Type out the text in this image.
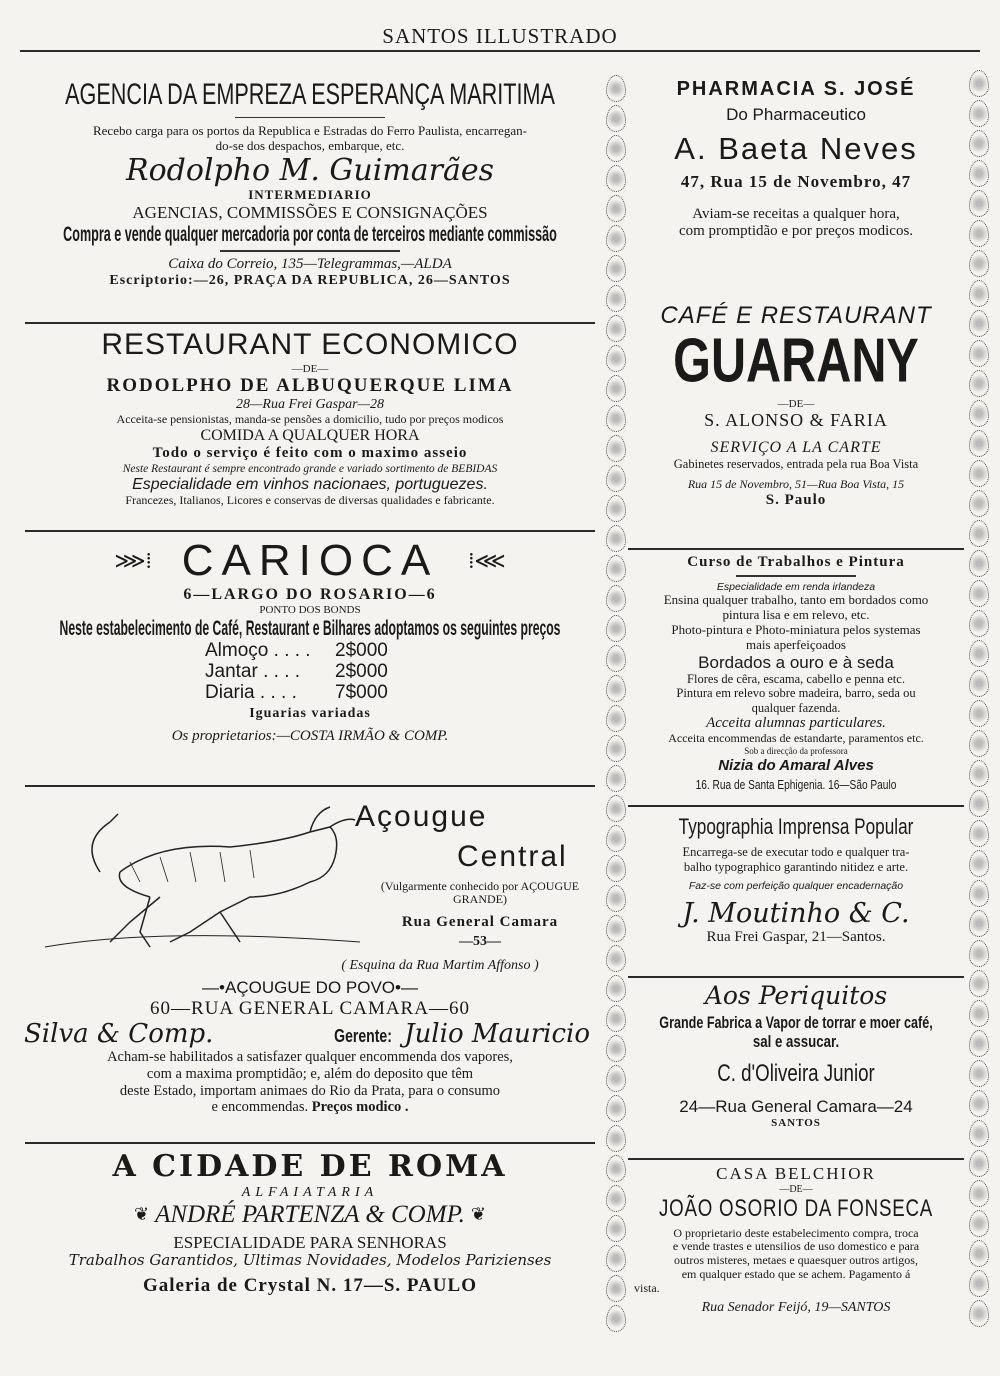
SANTOS ILLUSTRADO
AGENCIA DA EMPREZA ESPERANÇA MARITIMA
Recebo carga para os portos da Republica e Estradas do Ferro Paulista, encarregan-
do-se dos despachos, embarque, etc.
Rodolpho M. Guimarães
INTERMEDIARIO
AGENCIAS, COMMISSÕES E CONSIGNAÇÕES
Compra e vende qualquer mercadoria por conta de terceiros mediante commissão
Caixa do Correio, 135—Telegrammas,—ALDA
Escriptorio:—26, PRAÇA DA REPUBLICA, 26—SANTOS
RESTAURANT ECONOMICO
—DE—
RODOLPHO DE ALBUQUERQUE LIMA
28—Rua Frei Gaspar—28
Acceita-se pensionistas, manda-se pensões a domicilio, tudo por preços modicos
COMIDA A QUALQUER HORA
Todo o serviço é feito com o maximo asseio
Neste Restaurant é sempre encontrado grande e variado sortimento de BEBIDAS
Especialidade em vinhos nacionaes, portuguezes.
Francezes, Italianos, Licores e conservas de diversas qualidades e fabricante.
⋙⁞ CARIOCA ⁞⋘
6—LARGO DO ROSARIO—6
PONTO DOS BONDS
Neste estabelecimento de Café, Restaurant e Bilhares adoptamos os seguintes preços
Almoço . . . .	2$000
Jantar . . . .	2$000
Diaria . . . .	7$000
Iguarias variadas
Os proprietarios:—COSTA IRMÃO & COMP.
Açougue
Central
(Vulgarmente conhecido por AÇOUGUE GRANDE)
Rua General Camara
—53—
( Esquina da Rua Martim Affonso )
—•AÇOUGUE DO POVO•—
60—RUA GENERAL CAMARA—60
Silva & Comp.	Gerente: Julio Mauricio
Acham-se habilitados a satisfazer qualquer encommenda dos vapores,
com a maxima promptidão; e, além do deposito que têm
deste Estado, importam animaes do Rio da Prata, para o consumo
e encommendas. Preços modico .
A CIDADE DE ROMA
ALFAIATARIA
❦ ANDRÉ PARTENZA & COMP. ❦
ESPECIALIDADE PARA SENHORAS
Trabalhos Garantidos, Ultimas Novidades, Modelos Parizienses
Galeria de Crystal N. 17—S. PAULO
PHARMACIA S. JOSÉ
Do Pharmaceutico
A. Baeta Neves
47, Rua 15 de Novembro, 47
Aviam-se receitas a qualquer hora,
com promptidão e por preços modicos.
CAFÉ E RESTAURANT
GUARANY
—DE—
S. ALONSO & FARIA
SERVIÇO A LA CARTE
Gabinetes reservados, entrada pela rua Boa Vista
Rua 15 de Novembro, 51—Rua Boa Vista, 15
S. Paulo
Curso de Trabalhos e Pintura
Especialidade em renda irlandeza
Ensina qualquer trabalho, tanto em bordados como
pintura lisa e em relevo, etc.
Photo-pintura e Photo-miniatura pelos systemas
mais aperfeiçoados
Bordados a ouro e à seda
Flores de cêra, escama, cabello e penna etc.
Pintura em relevo sobre madeira, barro, seda ou
qualquer fazenda.
Acceita alumnas particulares.
Acceita encommendas de estandarte, paramentos etc.
Sob a direcção da professora
Nizia do Amaral Alves
16. Rua de Santa Ephigenia. 16—São Paulo
Typographia Imprensa Popular
Encarrega-se de executar todo e qualquer tra-
balho typographico garantindo nitidez e arte.
Faz-se com perfeição qualquer encadernação
J. Moutinho & C.
Rua Frei Gaspar, 21—Santos.
Aos Periquitos
Grande Fabrica a Vapor de torrar e moer café,
sal e assucar.
C. d'Oliveira Junior
24—Rua General Camara—24
SANTOS
CASA BELCHIOR
—DE—
JOÃO OSORIO DA FONSECA
O proprietario deste estabelecimento compra, troca
e vende trastes e utensilios de uso domestico e para
outros misteres, metaes e quaesquer outros artigos,
em qualquer estado que se achem. Pagamento á
vista.
Rua Senador Feijó, 19—SANTOS
